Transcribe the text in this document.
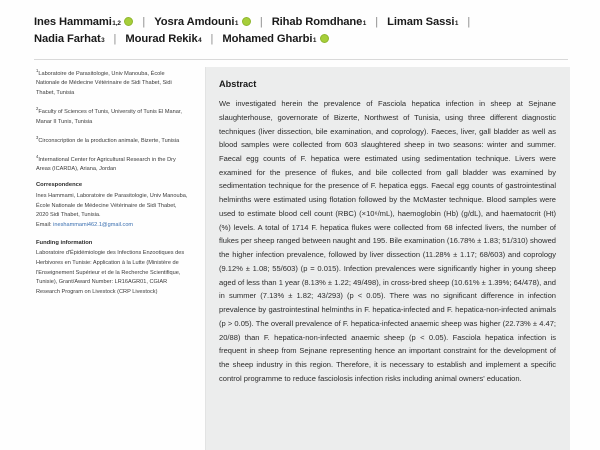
Ines Hammami 1,2 | Yosra Amdouni 1 | Rihab Romdhane 1 | Limam Sassi 1 |
Nadia Farhat 3 | Mourad Rekik 4 | Mohamed Gharbi 1
$^1$Laboratoire de Parasitologie, Univ Manouba, École Nationale de Médecine Vétérinaire de Sidi Thabet, Sidi Thabet, Tunisia
$^2$Faculty of Sciences of Tunis, University of Tunis El Manar, Manar II Tunis, Tunisia
$^3$Circonscription de la production animale, Bizerte, Tunisia
$^4$International Center for Agricultural Research in the Dry Areas (ICARDA), Ariana, Jordan
Correspondence
Ines Hammami, Laboratoire de Parasitologie, Univ Manouba, École Nationale de Médecine Vétérinaire de Sidi Thabet, 2020 Sidi Thabet, Tunisia.
Email: ineshammami462.1@gmail.com
Funding information
Laboratoire d'Épidémiologie des Infections Enzootiques des Herbivores en Tunisie: Application à la Lutte (Ministère de l'Enseignement Supérieur et de la Recherche Scientifique, Tunisie), Grant/Award Number: LR16AGR01, CGIAR Research Program on Livestock (CRP Livestock)
Abstract

We investigated herein the prevalence of Fasciola hepatica infection in sheep at Sejnane slaughterhouse, governorate of Bizerte, Northwest of Tunisia, using three different diagnostic techniques (liver dissection, bile examination, and coprology). Faeces, liver, gall bladder as well as blood samples were collected from 603 slaughtered sheep in two seasons: winter and summer. Faecal egg counts of F. hepatica were estimated using sedimentation technique. Livers were examined for the presence of flukes, and bile collected from gall bladder was examined by sedimentation technique for the presence of F. hepatica eggs. Faecal egg counts of gastrointestinal helminths were estimated using flotation followed by the McMaster technique. Blood samples were used to estimate blood cell count (RBC) (×10⁶/mL), haemoglobin (Hb) (g/dL), and haematocrit (Ht) (%) levels. A total of 1714 F. hepatica flukes were collected from 68 infected livers, the number of flukes per sheep ranged between naught and 195. Bile examination (16.78% ± 1.83; 51/310) showed the higher infection prevalence, followed by liver dissection (11.28% ± 1.17; 68/603) and coprology (9.12% ± 1.08; 55/603) (p = 0.015). Infection prevalences were significantly higher in young sheep aged of less than 1 year (8.13% ± 1.22; 49/498), in cross-bred sheep (10.61% ± 1.39%; 64/478), and in summer (7.13% ± 1.82; 43/293) (p < 0.05). There was no significant difference in infection prevalence by gastrointestinal helminths in F. hepatica-infected and F. hepatica-non-infected animals (p > 0.05). The overall prevalence of F. hepatica-infected anaemic sheep was higher (22.73% ± 4.47; 20/88) than F. hepatica-non-infected anaemic sheep (p < 0.05). Fasciola hepatica infection is frequent in sheep from Sejnane representing hence an important constraint for the development of the sheep industry in this region. Therefore, it is necessary to establish and implement a specific control programme to reduce fasciolosis infection risks including animal owners' education.
